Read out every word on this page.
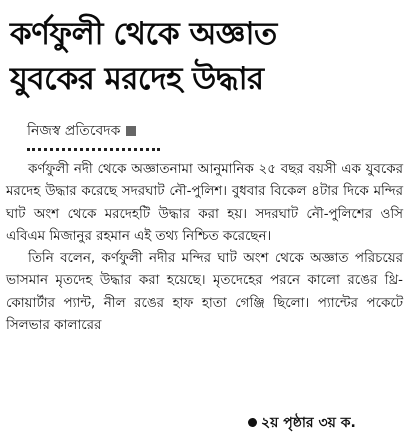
কর্ণফুলী থেকে অজ্ঞাত
যুবকের মরদেহ উদ্ধার
নিজস্ব প্রতিবেদক

কর্ণফুলী নদী থেকে অজ্ঞাতনামা আনুমানিক ২৫ বছর বয়সী এক যুবকের মরদেহ উদ্ধার করেছে সদরঘাট নৌ-পুলিশ। বুধবার বিকেল ৪টার দিকে মন্দির ঘাট অংশ থেকে মরদেহটি উদ্ধার করা হয়। সদরঘাট নৌ-পুলিশের ওসি এবিএম মিজানুর রহমান এই তথ্য নিশ্চিত করেছেন।

তিনি বলেন, কর্ণফুলী নদীর মন্দির ঘাট অংশ থেকে অজ্ঞাত পরিচয়ের ভাসমান মৃতদেহ উদ্ধার করা হয়েছে। মৃতদেহের পরনে কালো রঙের থ্রি-কোয়ার্টার প্যান্ট, নীল রঙের হাফ হাতা গেঞ্জি ছিলো। প্যান্টের পকেটে সিলভার কালারের

২য় পৃষ্ঠার ৩য় ক.
